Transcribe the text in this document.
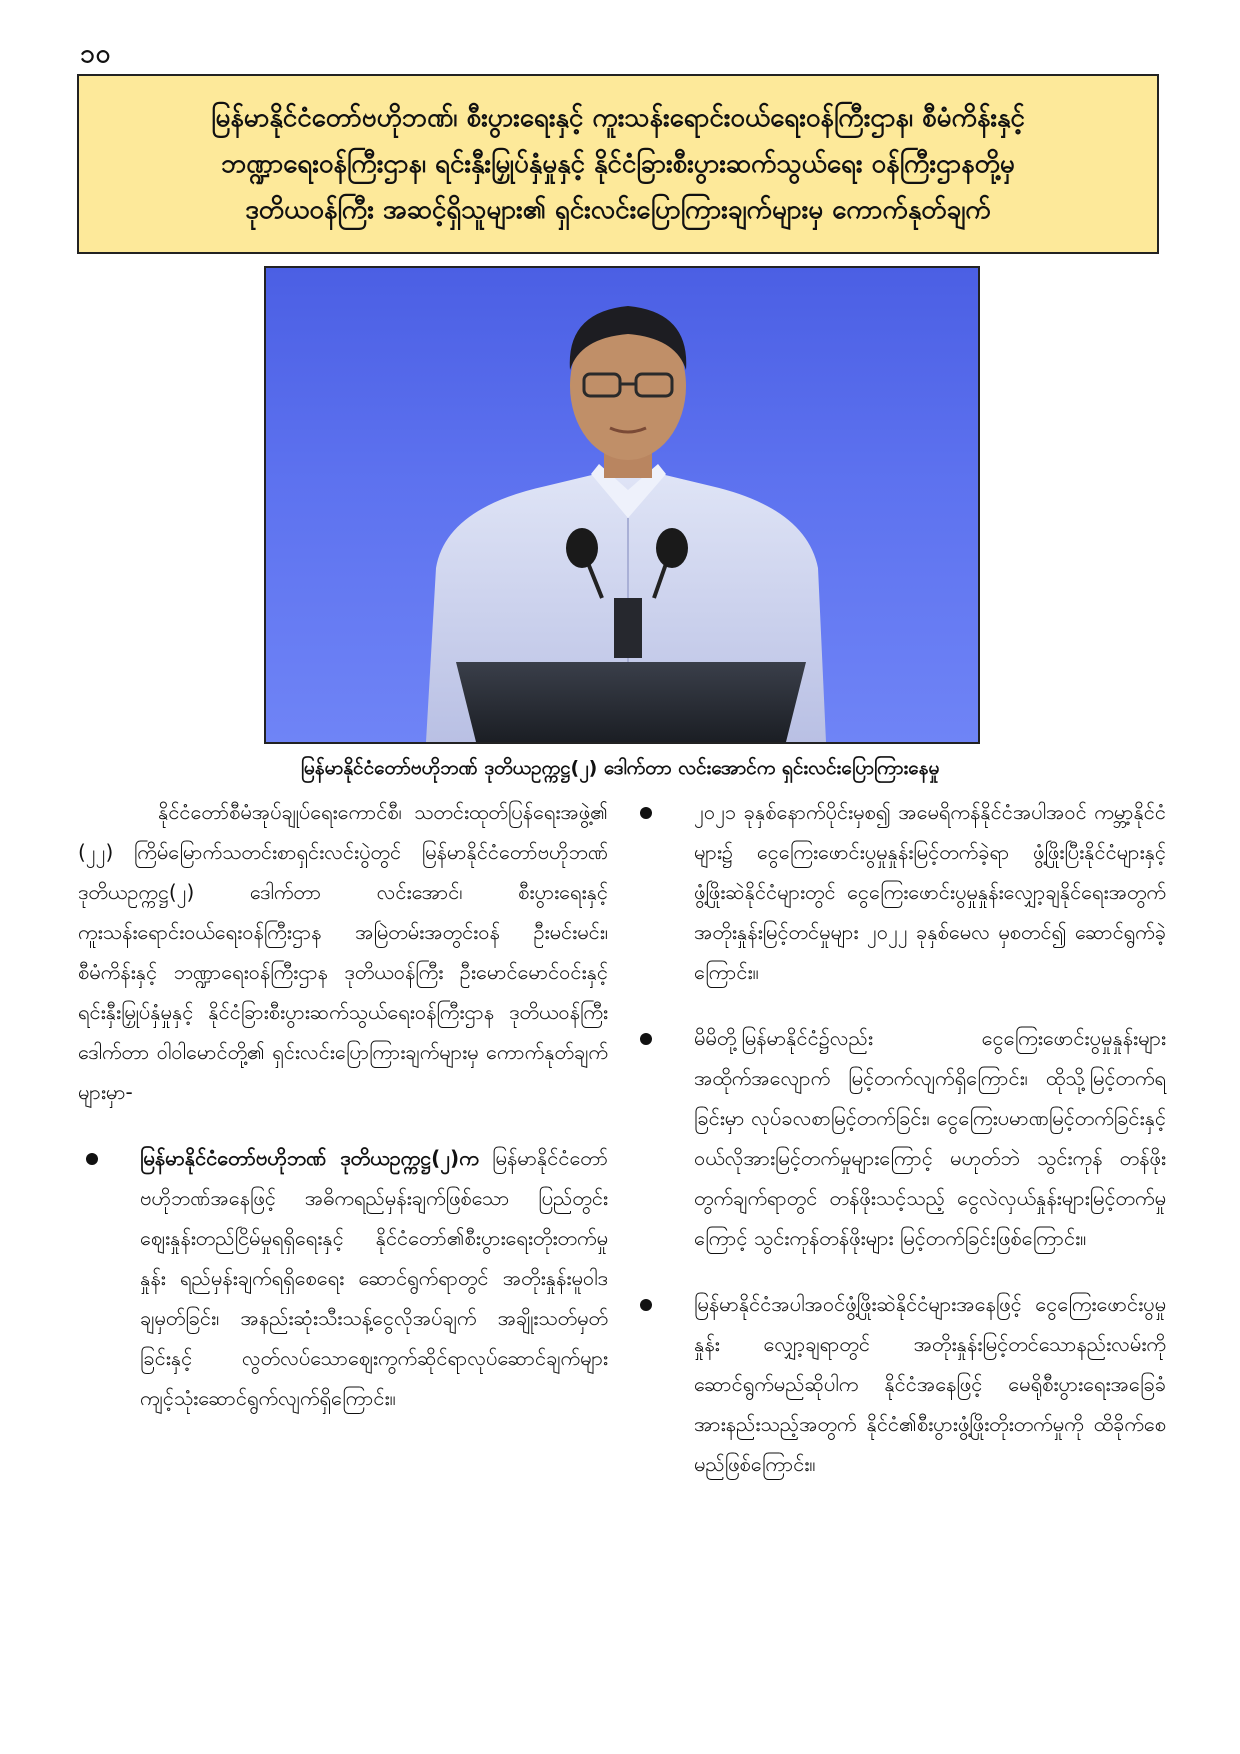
၁၀
မြန်မာနိုင်ငံတော်ဗဟိုဘဏ်၊ စီးပွားရေးနှင့် ကူးသန်းရောင်းဝယ်ရေးဝန်ကြီးဌာန၊ စီမံကိန်းနှင့်
ဘဏ္ဍာရေးဝန်ကြီးဌာန၊ ရင်းနှီးမြှုပ်နှံမှုနှင့် နိုင်ငံခြားစီးပွားဆက်သွယ်ရေး ဝန်ကြီးဌာနတို့မှ
ဒုတိယဝန်ကြီး အဆင့်ရှိသူများ၏ ရှင်းလင်းပြောကြားချက်များမှ ကောက်နုတ်ချက်
မြန်မာနိုင်ငံတော်ဗဟိုဘဏ် ဒုတိယဥက္ကဋ္ဌ(၂) ဒေါက်တာ လင်းအောင်က ရှင်းလင်းပြောကြားနေမှု

နိုင်ငံတော်စီမံအုပ်ချုပ်ရေးကောင်စီ၊ သတင်းထုတ်ပြန်ရေးအဖွဲ့၏ (၂၂) ကြိမ်မြောက်သတင်းစာရှင်းလင်းပွဲတွင် မြန်မာနိုင်ငံတော်ဗဟိုဘဏ် ဒုတိယဥက္ကဋ္ဌ(၂) ဒေါက်တာ လင်းအောင်၊ စီးပွားရေးနှင့် ကူးသန်းရောင်းဝယ်ရေးဝန်ကြီးဌာန အမြဲတမ်းအတွင်းဝန် ဦးမင်းမင်း၊ စီမံကိန်းနှင့် ဘဏ္ဍာရေးဝန်ကြီးဌာန ဒုတိယဝန်ကြီး ဦးမောင်မောင်ဝင်းနှင့် ရင်းနှီးမြှုပ်နှံမှုနှင့် နိုင်ငံခြားစီးပွားဆက်သွယ်ရေးဝန်ကြီးဌာန ဒုတိယဝန်ကြီး ဒေါက်တာ ဝါဝါမောင်တို့၏ ရှင်းလင်းပြောကြားချက်များမှ ကောက်နုတ်ချက်များမှာ-

မြန်မာနိုင်ငံတော်ဗဟိုဘဏ် ဒုတိယဥက္ကဋ္ဌ(၂)က မြန်မာနိုင်ငံတော်ဗဟိုဘဏ်အနေဖြင့် အဓိကရည်မှန်းချက်ဖြစ်သော ပြည်တွင်းဈေးနှုန်းတည်ငြိမ်မှုရရှိရေးနှင့် နိုင်ငံတော်၏စီးပွားရေးတိုးတက်မှုနှုန်း ရည်မှန်းချက်ရရှိစေရေး ဆောင်ရွက်ရာတွင် အတိုးနှုန်းမူဝါဒချမှတ်ခြင်း၊ အနည်းဆုံးသီးသန့်ငွေလိုအပ်ချက် အချိုးသတ်မှတ်ခြင်းနှင့် လွတ်လပ်သောဈေးကွက်ဆိုင်ရာလုပ်ဆောင်ချက်များ ကျင့်သုံးဆောင်ရွက်လျက်ရှိကြောင်း။
၂၀၂၁ ခုနှစ်နောက်ပိုင်းမှစ၍ အမေရိကန်နိုင်ငံအပါအဝင် ကမ္ဘာ့နိုင်ငံများ၌ ငွေကြေးဖောင်းပွမှုနှုန်းမြင့်တက်ခဲ့ရာ ဖွံ့ဖြိုးပြီးနိုင်ငံများနှင့် ဖွံ့ဖြိုးဆဲနိုင်ငံများတွင် ငွေကြေးဖောင်းပွမှုနှုန်းလျှော့ချနိုင်ရေးအတွက် အတိုးနှုန်းမြင့်တင်မှုများ ၂၀၂၂ ခုနှစ်မေလ မှစတင်၍ ဆောင်ရွက်ခဲ့ကြောင်း။
မိမိတို့မြန်မာနိုင်ငံ၌လည်း ငွေကြေးဖောင်းပွမှုနှုန်းများအထိုက်အလျောက် မြင့်တက်လျက်ရှိကြောင်း၊ ထိုသို့မြင့်တက်ရခြင်းမှာ လုပ်ခလစာမြင့်တက်ခြင်း၊ ငွေကြေးပမာဏမြင့်တက်ခြင်းနှင့် ဝယ်လိုအားမြင့်တက်မှုများကြောင့် မဟုတ်ဘဲ သွင်းကုန် တန်ဖိုးတွက်ချက်ရာတွင် တန်ဖိုးသင့်သည့် ငွေလဲလှယ်နှုန်းများမြင့်တက်မှုကြောင့် သွင်းကုန်တန်ဖိုးများ မြင့်တက်ခြင်းဖြစ်ကြောင်း။
မြန်မာနိုင်ငံအပါအဝင်ဖွံ့ဖြိုးဆဲနိုင်ငံများအနေဖြင့် ငွေကြေးဖောင်းပွမှုနှုန်း လျှော့ချရာတွင် အတိုးနှုန်းမြင့်တင်သောနည်းလမ်းကို ဆောင်ရွက်မည်ဆိုပါက နိုင်ငံအနေဖြင့် မေရိုစီးပွားရေးအခြေခံ အားနည်းသည့်အတွက် နိုင်ငံ၏စီးပွားဖွံ့ဖြိုးတိုးတက်မှုကို ထိခိုက်စေမည်ဖြစ်ကြောင်း။
